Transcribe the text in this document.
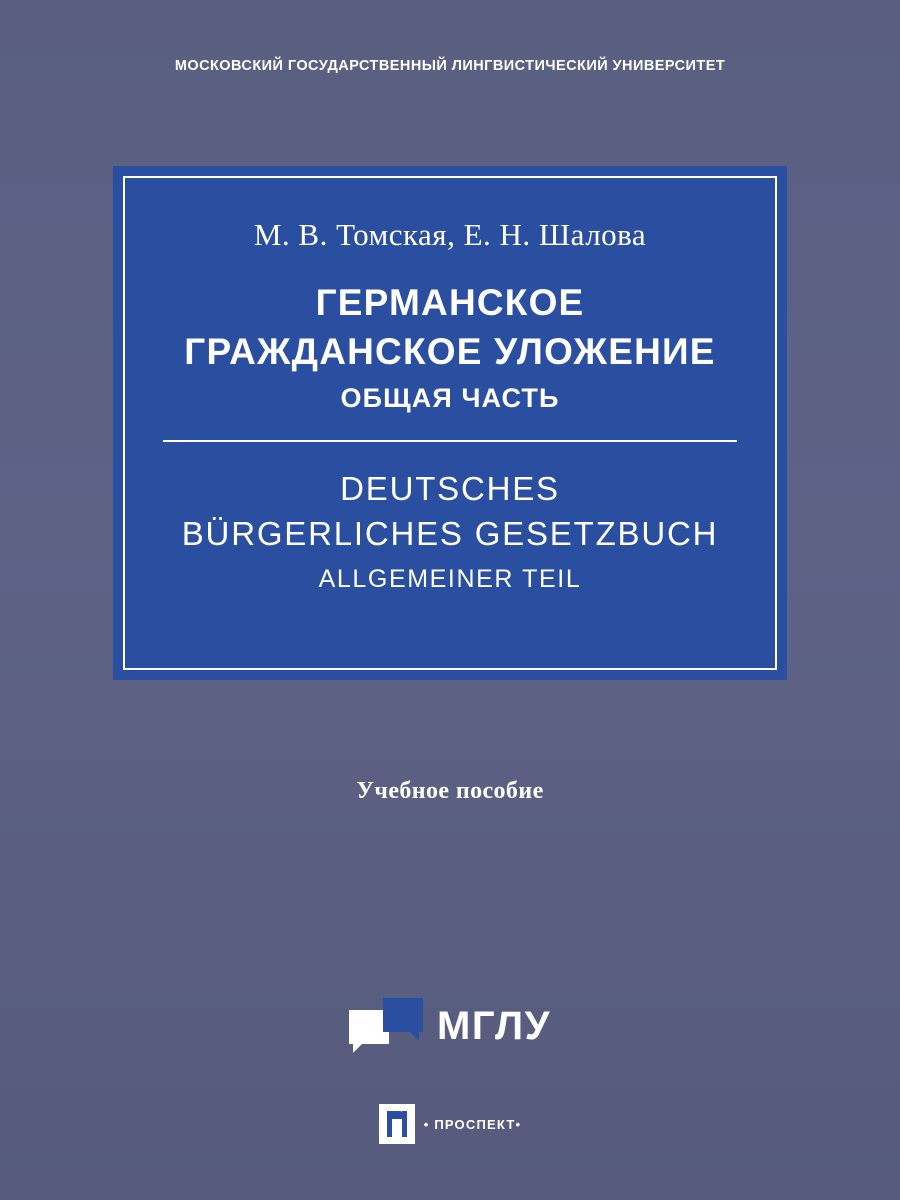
МОСКОВСКИЙ ГОСУДАРСТВЕННЫЙ ЛИНГВИСТИЧЕСКИЙ УНИВЕРСИТЕТ
М. В. Томская, Е. Н. Шалова
ГЕРМАНСКОЕ
ГРАЖДАНСКОЕ УЛОЖЕНИЕ
ОБЩАЯ ЧАСТЬ
DEUTSCHES
BÜRGERLICHES GESETZBUCH
ALLGEMEINER TEIL
Учебное пособие
МГЛУ
• ПРОСПЕКТ•
